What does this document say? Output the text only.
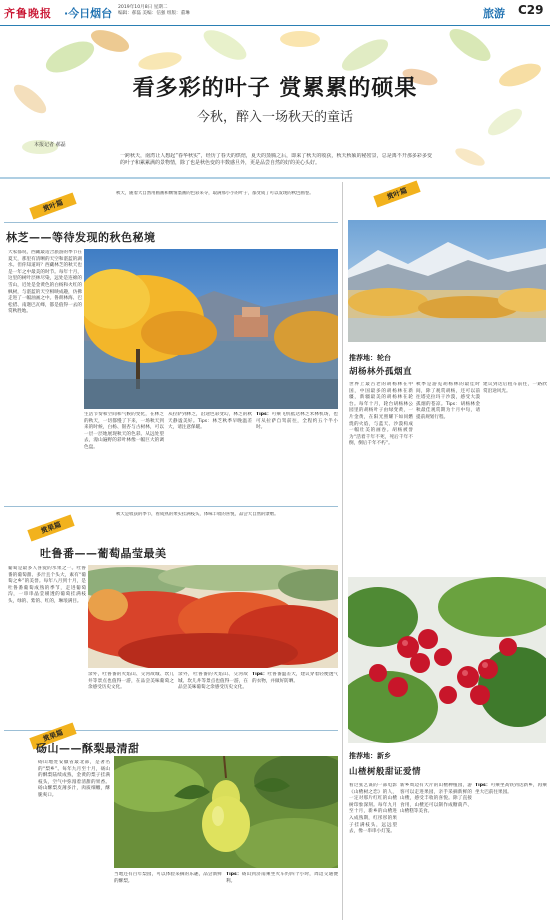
齐鲁晚报 ·今日烟台 2019年10月8日 星期二
编辑：郝磊 美编：信强 组版：董琳	旅游 C29
看多彩的叶子 赏累累的硕果
今秋，醉入一场秋天的童话
本报记者 郝磊
一跨秋天，南湾让人想起“春华秋实”，经历了春天的烘焙，夏天的蒸腾之后，即来了秋天的收获，秋天秋硕的秘密景，总是离不开那多彩多变的叶子和累累满的景物情，除了也是秋色变的丰数感旦外，更是品尝自然的好的美心头好。
赏叶篇
秋天，随着大自然用画画和颗情墨画的色彩来夺，取满那小小的叶子，都变成了可以发现的秋色画卷。
林芝——等待发现的秋色秘境
大家都说，西藏最适合旅游的季节在夏天，那里有清晰的天空和湛蓝的湖水。但你知道吗？西藏林芝的秋天也是一年之中最美的时节。每年十月，这里的树叶层林尽染，远处是连绵的雪山，近处是金黄色的白杨和火红的枫树，与湛蓝的天空相映成趣，仿佛走进了一幅油画之中。鲁朗林海、巴松措、南迦巴瓦峰，都是值得一去的赏秋胜地。
生活节奏和空间和气候的变化，在林芝的秋天，一切都慢了下来，一场秋天到来的时候，白杨、银杏与古树林，可以一层一层地展现秋天的色彩。从远处望去，漫山遍野的彩叶林像一幅巨大的调色盘。
从拉萨到林芝，沿途色彩变幻，林芝的秋天静谧美好。Tips：林芝秋季早晚温差大，请注意保暖。
Tips：可乘飞机抵达林芝米林机场，也可从拉萨自驾前往，全程约五个半小时。
赏果篇
秋天是收获的季节，看成熟的果实挂满枝头，体味丰收的喜悦，品尝大自然的馈赠。
吐鲁番——葡萄晶莹最美
葡萄是最多人喜爱的水果之一。吐鲁番的葡萄甜、多汁且个头大，素有“葡萄之乡”的美誉。每年八月到十月，是吐鲁番葡萄成熟的季节，走进葡萄沟，一串串晶莹剔透的葡萄挂满枝头，绿的、紫的、红的，琳琅满目。
余外，吐鲁番的火焰山、交河故城、坎儿井等景点也值得一游，在品尝美味葡萄之余感受历史文化。
余外，吐鲁番的火焰山、交河故城、坎儿井等景点也值得一游，在品尝美味葡萄之余感受历史文化。
Tips：吐鲁番温差大，建议穿着轻便透气的衣物，并做好防晒。
赏果篇
砀山——酥梨最清甜
砀山地处安徽省最北部，是著名的“梨乡”。每年九月至十月，砀山的酥梨陆续成熟，金黄的梨子挂满枝头，空气中弥漫着清甜的果香。砀山酥梨皮薄多汁，肉质细嫩，酥脆爽口。
当地还有百年梨园，可以体验采摘的乐趣，品尝新鲜的酥梨。
Tips：砀山到济南乘坐火车约四个小时，周边交通便利。
赏叶篇
推荐地：轮台
胡杨林外孤烟直
世界上最古老的胡杨林在中国，中国最多的胡杨林在新疆，新疆最美的胡杨林在轮台。每年十月，轮台胡杨林公园里的胡杨叶子由绿变黄，一片金黄，在阳光照耀下如同燃烧的火焰，与蓝天、沙漠构成一幅壮美的画卷。胡杨被誉为“活着千年不死，死后千年不倒，倒后千年不朽”。
秋季是游览胡杨林的最佳时间，除了观赏胡杨，还可以前往塔克拉玛干沙漠，感受大漠孤烟的苍凉。Tips：胡杨林金秋最佳观赏期为十月中旬，请提前规划行程。
建议到达后租车前往，一路欣赏沿途风光。
推荐地：新乡
山楂树般甜证爱情
看过张艺谋的一部电影《山楂树之恋》的人，一定对那片红红的山楂树印象深刻。每年九月至十月，新乡的山楂进入成熟期，红彤彤的果子挂满枝头，远远望去，像一串串小灯笼。
新乡周边有大片的山楂种植园，游客可以走进果园，亲手采摘新鲜的山楂，感受丰收的喜悦。除了直接食用，山楂还可以制作成糖葫芦、山楂糕等美食。
Tips：可乘坐高铁到达新乡，再乘坐大巴前往果园。
